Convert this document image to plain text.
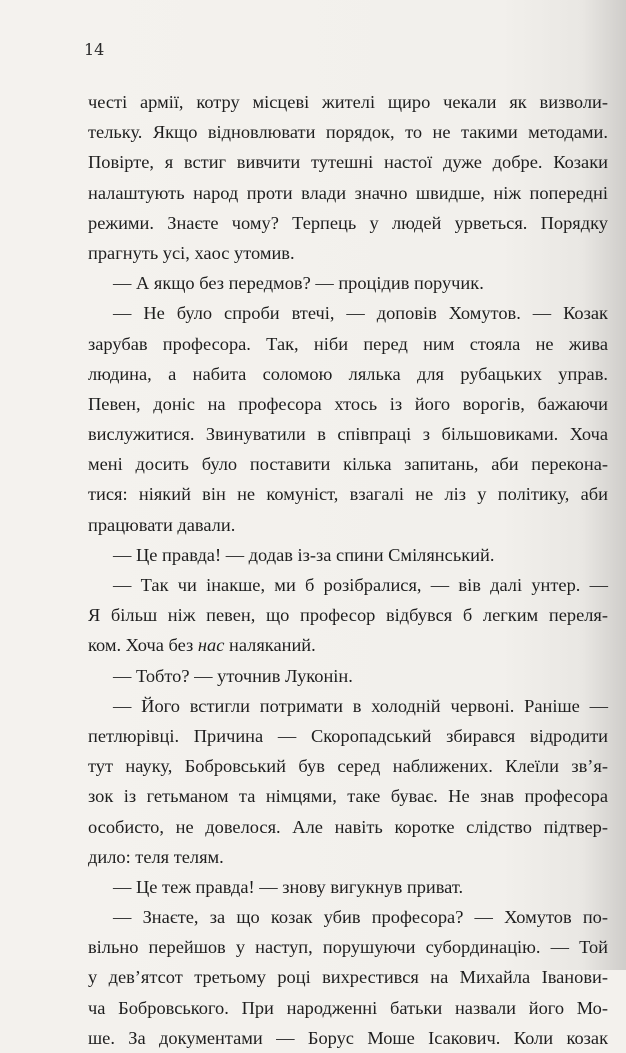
14
честі армії, котру місцеві жителі щиро чекали як визволи-
тельку. Якщо відновлювати порядок, то не такими методами.
Повірте, я встиг вивчити тутешні настої дуже добре. Козаки
налаштують народ проти влади значно швидше, ніж попередні
режими. Знаєте чому? Терпець у людей урветься. Порядку
прагнуть усі, хаос утомив.
— А якщо без передмов? — процідив поручик.
— Не було спроби втечі, — доповів Хомутов. — Козак
зарубав професора. Так, ніби перед ним стояла не жива
людина, а набита соломою лялька для рубацьких управ.
Певен, доніс на професора хтось із його ворогів, бажаючи
вислужитися. Звинуватили в співпраці з більшовиками. Хоча
мені досить було поставити кілька запитань, аби переконa-
тися: ніякий він не комуніст, взагалі не ліз у політику, аби
працювати давали.
— Це правда! — додав із-за спини Смілянський.
— Так чи інакше, ми б розібралися, — вів далі унтер. —
Я більш ніж певен, що професор відбувся б легким переля-
ком. Хоча без нас наляканий.
— Тобто? — уточнив Луконін.
— Його встигли потримати в холодній червоні. Раніше —
петлюрівці. Причина — Скоропадський збирався відродити
тут науку, Бобровський був серед наближених. Клеїли зв’я-
зок із гетьманом та німцями, таке буває. Не знав професора
особисто, не довелося. Але навіть коротке слідство підтвер-
дило: теля телям.
— Це теж правда! — знову вигукнув приват.
— Знаєте, за що козак убив професора? — Хомутов по-
вільно перейшов у наступ, порушуючи субординацію. — Той
у дев’ятсот третьому році вихрестився на Михайла Іванови-
ча Бобровського. При народженні батьки назвали його Мо-
ше. За документами — Борус Моше Ісакович. Коли козак
